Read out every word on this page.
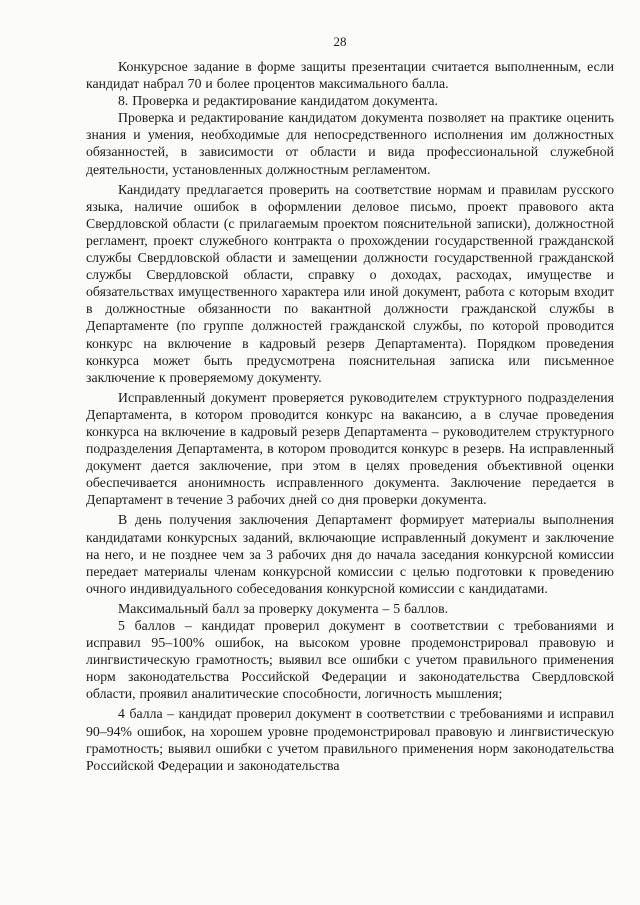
28

Конкурсное задание в форме защиты презентации считается выполненным, если кандидат набрал 70 и более процентов максимального балла.

8. Проверка и редактирование кандидатом документа.

Проверка и редактирование кандидатом документа позволяет на практике оценить знания и умения, необходимые для непосредственного исполнения им должностных обязанностей, в зависимости от области и вида профессиональной служебной деятельности, установленных должностным регламентом.

Кандидату предлагается проверить на соответствие нормам и правилам русского языка, наличие ошибок в оформлении деловое письмо, проект правового акта Свердловской области (с прилагаемым проектом пояснительной записки), должностной регламент, проект служебного контракта о прохождении государственной гражданской службы Свердловской области и замещении должности государственной гражданской службы Свердловской области, справку о доходах, расходах, имуществе и обязательствах имущественного характера или иной документ, работа с которым входит в должностные обязанности по вакантной должности гражданской службы в Департаменте (по группе должностей гражданской службы, по которой проводится конкурс на включение в кадровый резерв Департамента). Порядком проведения конкурса может быть предусмотрена пояснительная записка или письменное заключение к проверяемому документу.

Исправленный документ проверяется руководителем структурного подразделения Департамента, в котором проводится конкурс на вакансию, а в случае проведения конкурса на включение в кадровый резерв Департамента – руководителем структурного подразделения Департамента, в котором проводится конкурс в резерв. На исправленный документ дается заключение, при этом в целях проведения объективной оценки обеспечивается анонимность исправленного документа. Заключение передается в Департамент в течение 3 рабочих дней со дня проверки документа.

В день получения заключения Департамент формирует материалы выполнения кандидатами конкурсных заданий, включающие исправленный документ и заключение на него, и не позднее чем за 3 рабочих дня до начала заседания конкурсной комиссии передает материалы членам конкурсной комиссии с целью подготовки к проведению очного индивидуального собеседования конкурсной комиссии с кандидатами.

Максимальный балл за проверку документа – 5 баллов.

5 баллов – кандидат проверил документ в соответствии с требованиями и исправил 95–100% ошибок, на высоком уровне продемонстрировал правовую и лингвистическую грамотность; выявил все ошибки с учетом правильного применения норм законодательства Российской Федерации и законодательства Свердловской области, проявил аналитические способности, логичность мышления;

4 балла – кандидат проверил документ в соответствии с требованиями и исправил 90–94% ошибок, на хорошем уровне продемонстрировал правовую и лингвистическую грамотность; выявил ошибки с учетом правильного применения норм законодательства Российской Федерации и законодательства
